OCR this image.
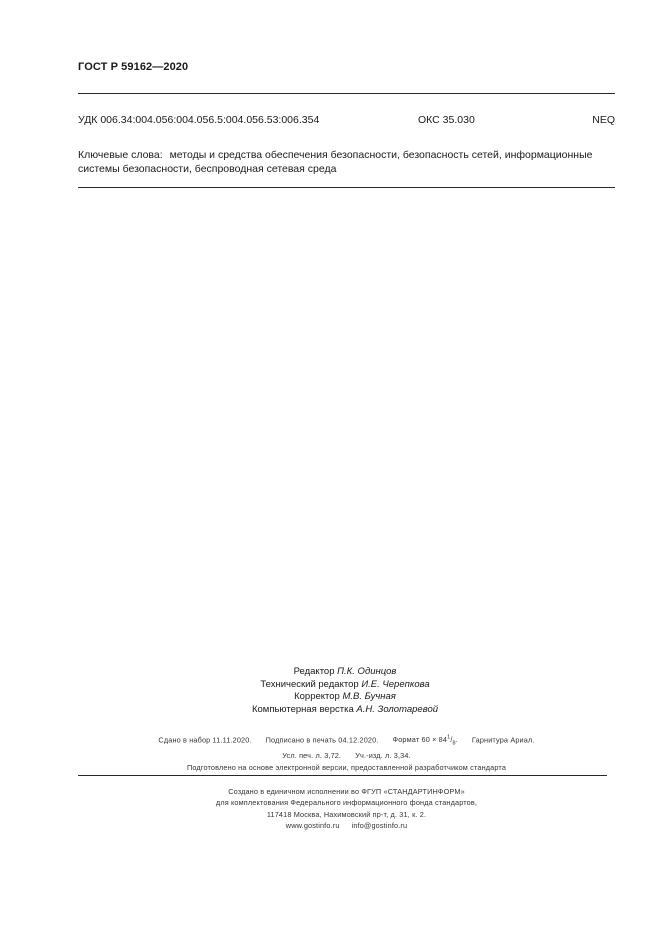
ГОСТ Р 59162—2020
УДК 006.34:004.056:004.056.5:004.056.53:006.354	ОКС 35.030	NEQ
Ключевые слова: методы и средства обеспечения безопасности, безопасность сетей, информационные системы безопасности, беспроводная сетевая среда
Редактор П.К. Одинцов
Технический редактор И.Е. Черепкова
Корректор М.В. Бучная
Компьютерная верстка А.Н. Золотаревой
Сдано в набор 11.11.2020. Подписано в печать 04.12.2020. Формат $60 \times 84^1/_8$. Гарнитура Ариал.
Усл. печ. л. 3,72. Уч.-изд. л. 3,34.
Подготовлено на основе электронной версии, предоставленной разработчиком стандарта
Создано в единичном исполнении во ФГУП «СТАНДАРТИНФОРМ»
для комплектования Федерального информационного фонда стандартов,
117418 Москва, Нахимовский пр-т, д. 31, к. 2.
www.gostinfo.ru info@gostinfo.ru
